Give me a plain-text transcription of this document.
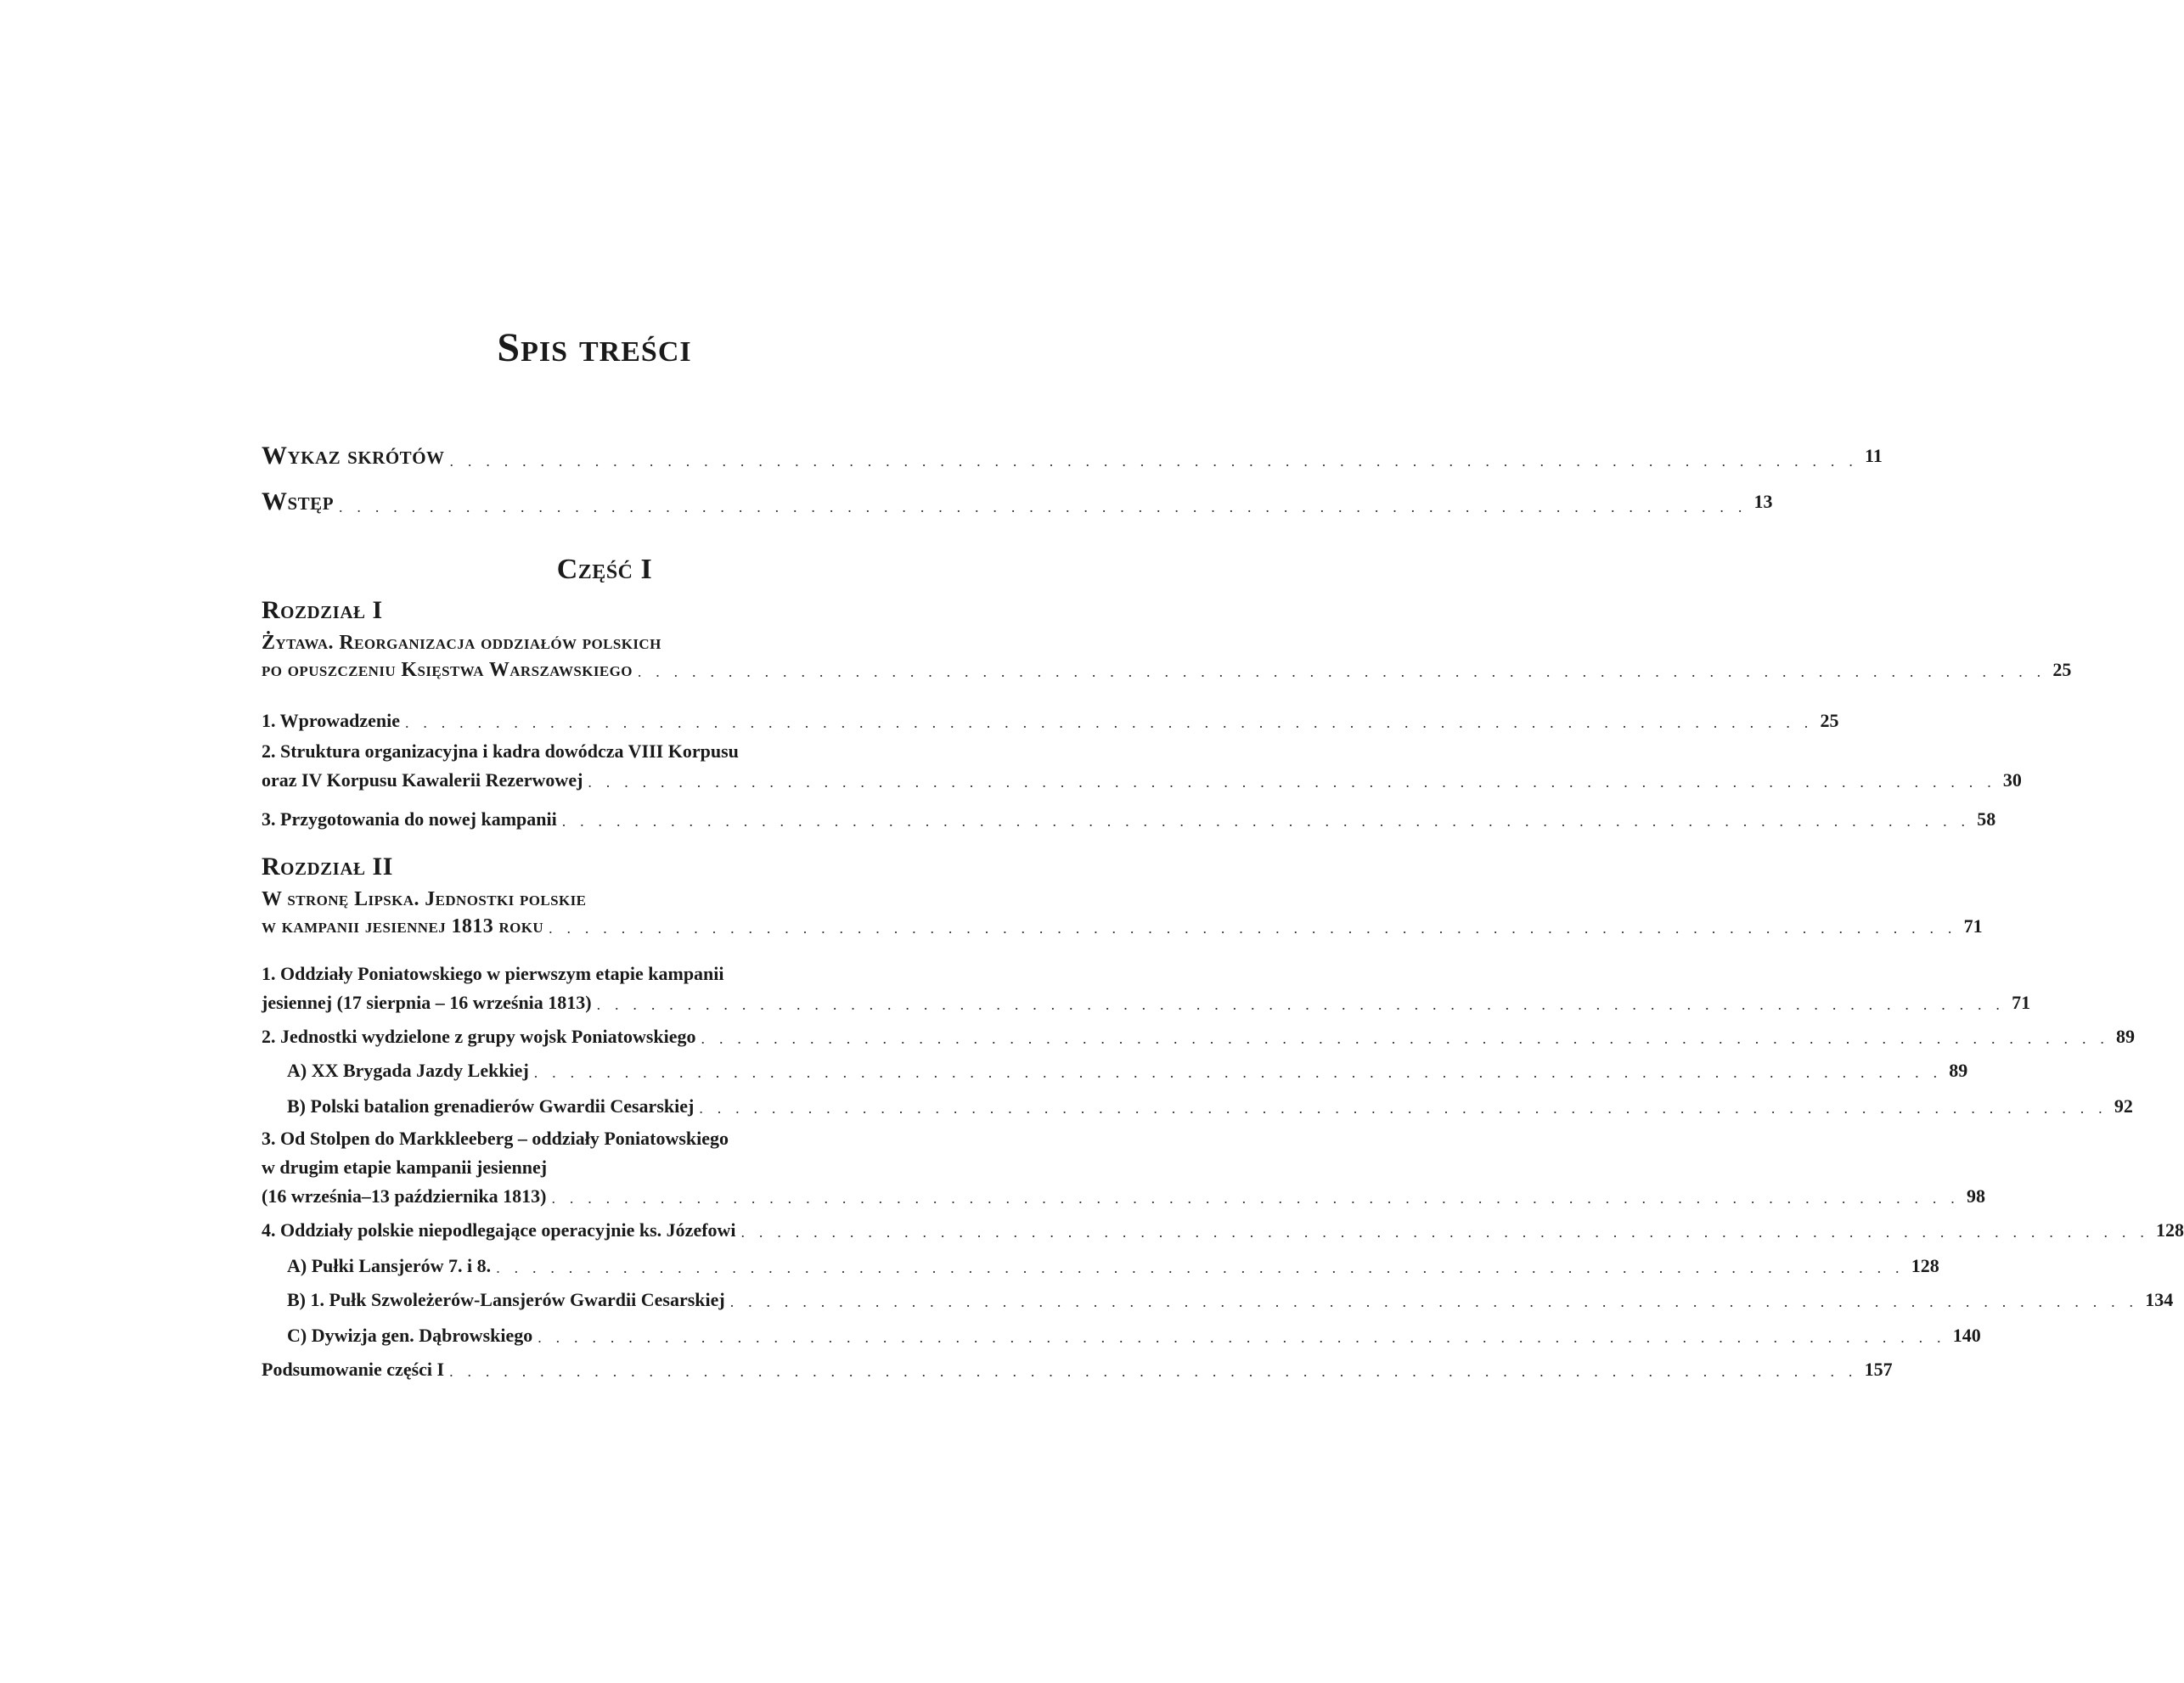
Spis treści
Wykaz skrótów . . . . . . . . . . . . . . . . . . . . . . . . . . . . . . . . . . . . . . . . . . . . . . . . . . . . . . . . . . . . . . . . . . . . . . . . . . . . . . 11
Wstęp . . . . . . . . . . . . . . . . . . . . . . . . . . . . . . . . . . . . . . . . . . . . . . . . . . . . . . . . . . . . . . . . . . . . . . . . . . . . . . 13
Część I
Rozdział I
Żytawa. Reorganizacja oddziałów polskich
po opuszczeniu Księstwa Warszawskiego . . . . . . . . . . . . . . . . . . . . . . . . . . . . . . . . . . . . . . . . . . . . . . . . . . . . . . . . . . . . . . . . . . . . . . . . . . . . . . 25
1. Wprowadzenie . . . . . . . . . . . . . . . . . . . . . . . . . . . . . . . . . . . . . . . . . . . . . . . . . . . . . . . . . . . . . . . . . . . . . . . . . . . . . . 25
2. Struktura organizacyjna i kadra dowódcza VIII Korpusu
oraz IV Korpusu Kawalerii Rezerwowej . . . . . . . . . . . . . . . . . . . . . . . . . . . . . . . . . . . . . . . . . . . . . . . . . . . . . . . . . . . . . . . . . . . . . . . . . . . . . . 30
3. Przygotowania do nowej kampanii . . . . . . . . . . . . . . . . . . . . . . . . . . . . . . . . . . . . . . . . . . . . . . . . . . . . . . . . . . . . . . . . . . . . . . . . . . . . . . 58
Rozdział II
W stronę Lipska. Jednostki polskie
w kampanii jesiennej 1813 roku . . . . . . . . . . . . . . . . . . . . . . . . . . . . . . . . . . . . . . . . . . . . . . . . . . . . . . . . . . . . . . . . . . . . . . . . . . . . . . 71
1. Oddziały Poniatowskiego w pierwszym etapie kampanii
jesiennej (17 sierpnia – 16 września 1813) . . . . . . . . . . . . . . . . . . . . . . . . . . . . . . . . . . . . . . . . . . . . . . . . . . . . . . . . . . . . . . . . . . . . . . . . . . . . . . 71
2. Jednostki wydzielone z grupy wojsk Poniatowskiego . . . . . . . . . . . . . . . . . . . . . . . . . . . . . . . . . . . . . . . . . . . . . . . . . . . . . . . . . . . . . . . . . . . . . . . . . . . . . . 89
A) XX Brygada Jazdy Lekkiej . . . . . . . . . . . . . . . . . . . . . . . . . . . . . . . . . . . . . . . . . . . . . . . . . . . . . . . . . . . . . . . . . . . . . . . . . . . . . . 89
B) Polski batalion grenadierów Gwardii Cesarskiej . . . . . . . . . . . . . . . . . . . . . . . . . . . . . . . . . . . . . . . . . . . . . . . . . . . . . . . . . . . . . . . . . . . . . . . . . . . . . . 92
3. Od Stolpen do Markkleeberg – oddziały Poniatowskiego
w drugim etapie kampanii jesiennej
(16 września–13 października 1813) . . . . . . . . . . . . . . . . . . . . . . . . . . . . . . . . . . . . . . . . . . . . . . . . . . . . . . . . . . . . . . . . . . . . . . . . . . . . . . 98
4. Oddziały polskie niepodlegające operacyjnie ks. Józefowi . . . . . . . . . . . . . . . . . . . . . . . . . . . . . . . . . . . . . . . . . . . . . . . . . . . . . . . . . . . . . . . . . . . . . . . . . . . . . . 128
A) Pułki Lansjerów 7. i 8. . . . . . . . . . . . . . . . . . . . . . . . . . . . . . . . . . . . . . . . . . . . . . . . . . . . . . . . . . . . . . . . . . . . . . . . . . . . . . . 128
B) 1. Pułk Szwoleżerów-Lansjerów Gwardii Cesarskiej . . . . . . . . . . . . . . . . . . . . . . . . . . . . . . . . . . . . . . . . . . . . . . . . . . . . . . . . . . . . . . . . . . . . . . . . . . . . . . 134
C) Dywizja gen. Dąbrowskiego . . . . . . . . . . . . . . . . . . . . . . . . . . . . . . . . . . . . . . . . . . . . . . . . . . . . . . . . . . . . . . . . . . . . . . . . . . . . . . 140
Podsumowanie części I . . . . . . . . . . . . . . . . . . . . . . . . . . . . . . . . . . . . . . . . . . . . . . . . . . . . . . . . . . . . . . . . . . . . . . . . . . . . . . 157
